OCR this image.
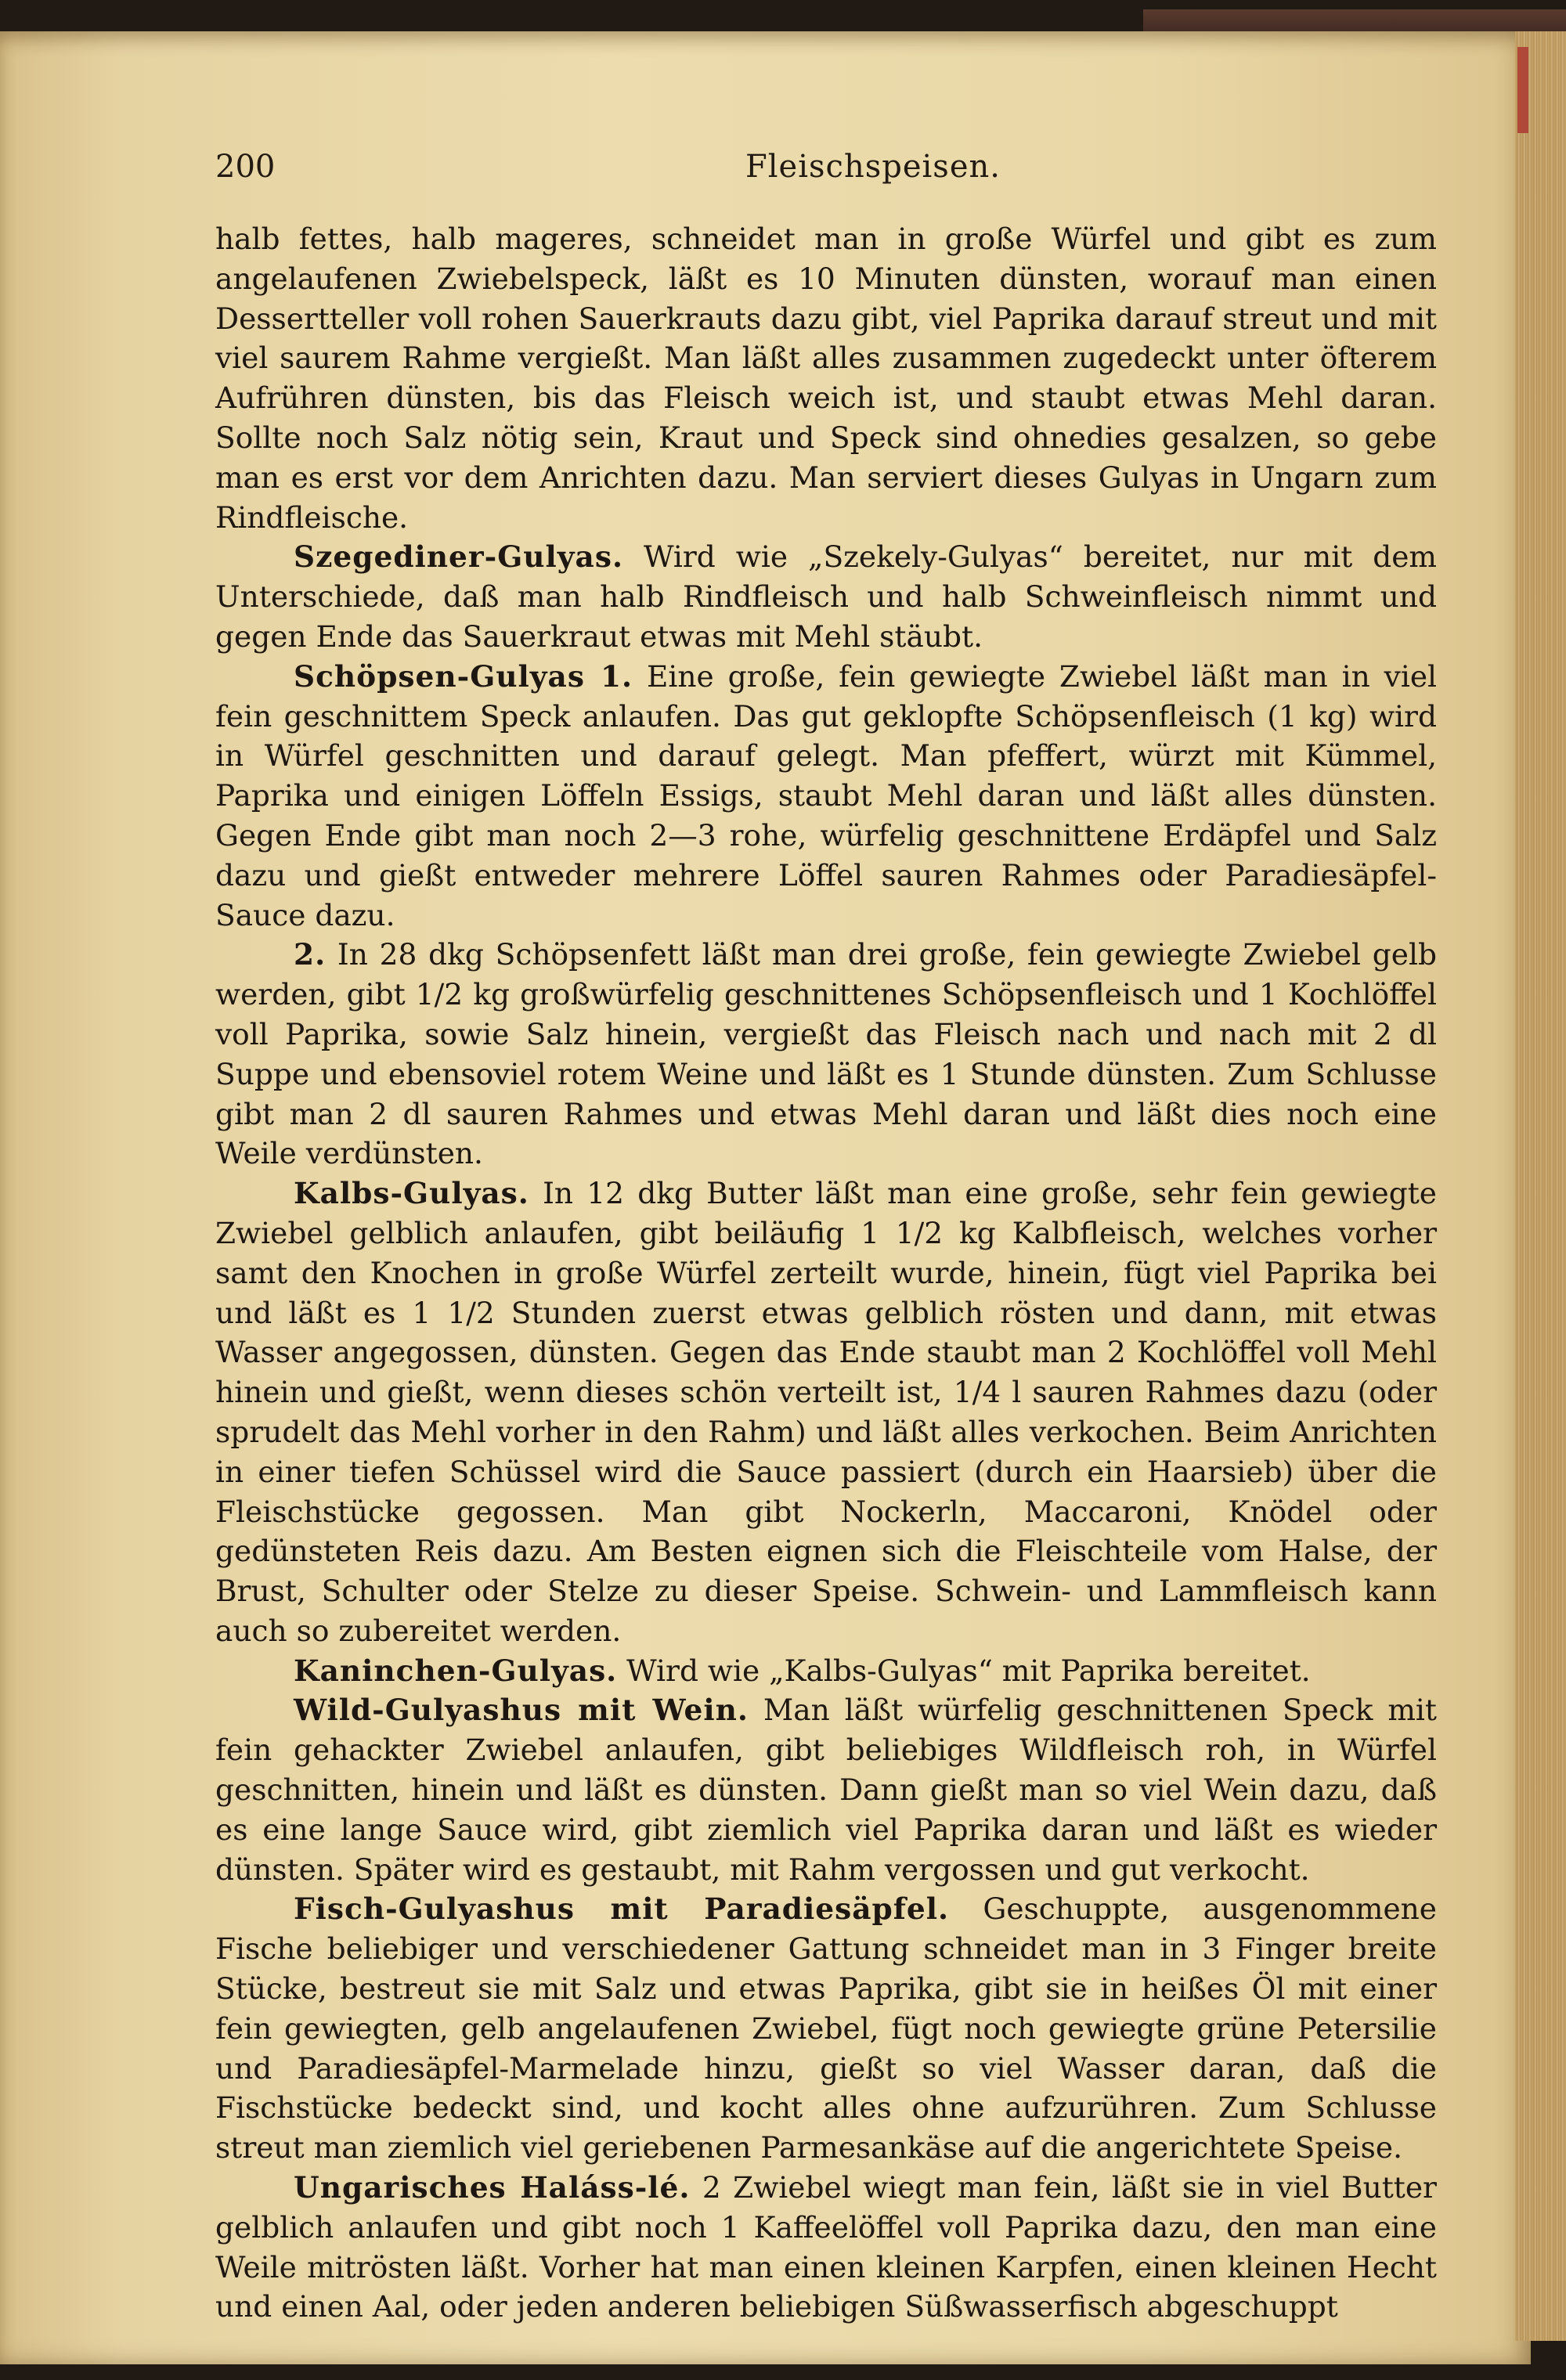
200	Fleischspeisen.

halb fettes, halb mageres, schneidet man in große Würfel und gibt es zum angelaufenen Zwiebelspeck, läßt es 10 Minuten dünsten, worauf man einen Dessertteller voll rohen Sauerkrauts dazu gibt, viel Paprika darauf streut und mit viel saurem Rahme vergießt. Man läßt alles zusammen zugedeckt unter öfterem Aufrühren dünsten, bis das Fleisch weich ist, und staubt etwas Mehl daran. Sollte noch Salz nötig sein, Kraut und Speck sind ohnedies gesalzen, so gebe man es erst vor dem Anrichten dazu. Man serviert dieses Gulyas in Ungarn zum Rindfleische.

Szegediner-Gulyas. Wird wie „Szekely-Gulyas“ bereitet, nur mit dem Unterschiede, daß man halb Rindfleisch und halb Schweinfleisch nimmt und gegen Ende das Sauerkraut etwas mit Mehl stäubt.

Schöpsen-Gulyas 1. Eine große, fein gewiegte Zwiebel läßt man in viel fein geschnittem Speck anlaufen. Das gut geklopfte Schöpsenfleisch (1 kg) wird in Würfel geschnitten und darauf gelegt. Man pfeffert, würzt mit Kümmel, Paprika und einigen Löffeln Essigs, staubt Mehl daran und läßt alles dünsten. Gegen Ende gibt man noch 2—3 rohe, würfelig geschnittene Erdäpfel und Salz dazu und gießt entweder mehrere Löffel sauren Rahmes oder Paradiesäpfel-Sauce dazu.

2. In 28 dkg Schöpsenfett läßt man drei große, fein gewiegte Zwiebel gelb werden, gibt 1/2 kg großwürfelig geschnittenes Schöpsenfleisch und 1 Kochlöffel voll Paprika, sowie Salz hinein, vergießt das Fleisch nach und nach mit 2 dl Suppe und ebensoviel rotem Weine und läßt es 1 Stunde dünsten. Zum Schlusse gibt man 2 dl sauren Rahmes und etwas Mehl daran und läßt dies noch eine Weile verdünsten.

Kalbs-Gulyas. In 12 dkg Butter läßt man eine große, sehr fein gewiegte Zwiebel gelblich anlaufen, gibt beiläufig 1 1/2 kg Kalbfleisch, welches vorher samt den Knochen in große Würfel zerteilt wurde, hinein, fügt viel Paprika bei und läßt es 1 1/2 Stunden zuerst etwas gelblich rösten und dann, mit etwas Wasser angegossen, dünsten. Gegen das Ende staubt man 2 Kochlöffel voll Mehl hinein und gießt, wenn dieses schön verteilt ist, 1/4 l sauren Rahmes dazu (oder sprudelt das Mehl vorher in den Rahm) und läßt alles verkochen. Beim Anrichten in einer tiefen Schüssel wird die Sauce passiert (durch ein Haarsieb) über die Fleischstücke gegossen. Man gibt Nockerln, Maccaroni, Knödel oder gedünsteten Reis dazu. Am Besten eignen sich die Fleischteile vom Halse, der Brust, Schulter oder Stelze zu dieser Speise. Schwein- und Lammfleisch kann auch so zubereitet werden.

Kaninchen-Gulyas. Wird wie „Kalbs-Gulyas“ mit Paprika bereitet.

Wild-Gulyashus mit Wein. Man läßt würfelig geschnittenen Speck mit fein gehackter Zwiebel anlaufen, gibt beliebiges Wildfleisch roh, in Würfel geschnitten, hinein und läßt es dünsten. Dann gießt man so viel Wein dazu, daß es eine lange Sauce wird, gibt ziemlich viel Paprika daran und läßt es wieder dünsten. Später wird es gestaubt, mit Rahm vergossen und gut verkocht.

Fisch-Gulyashus mit Paradiesäpfel. Geschuppte, ausgenommene Fische beliebiger und verschiedener Gattung schneidet man in 3 Finger breite Stücke, bestreut sie mit Salz und etwas Paprika, gibt sie in heißes Öl mit einer fein gewiegten, gelb angelaufenen Zwiebel, fügt noch gewiegte grüne Petersilie und Paradiesäpfel-Marmelade hinzu, gießt so viel Wasser daran, daß die Fischstücke bedeckt sind, und kocht alles ohne aufzurühren. Zum Schlusse streut man ziemlich viel geriebenen Parmesankäse auf die angerichtete Speise.

Ungarisches Haláss-lé. 2 Zwiebel wiegt man fein, läßt sie in viel Butter gelblich anlaufen und gibt noch 1 Kaffeelöffel voll Paprika dazu, den man eine Weile mitrösten läßt. Vorher hat man einen kleinen Karpfen, einen kleinen Hecht und einen Aal, oder jeden anderen beliebigen Süßwasserfisch abgeschuppt
